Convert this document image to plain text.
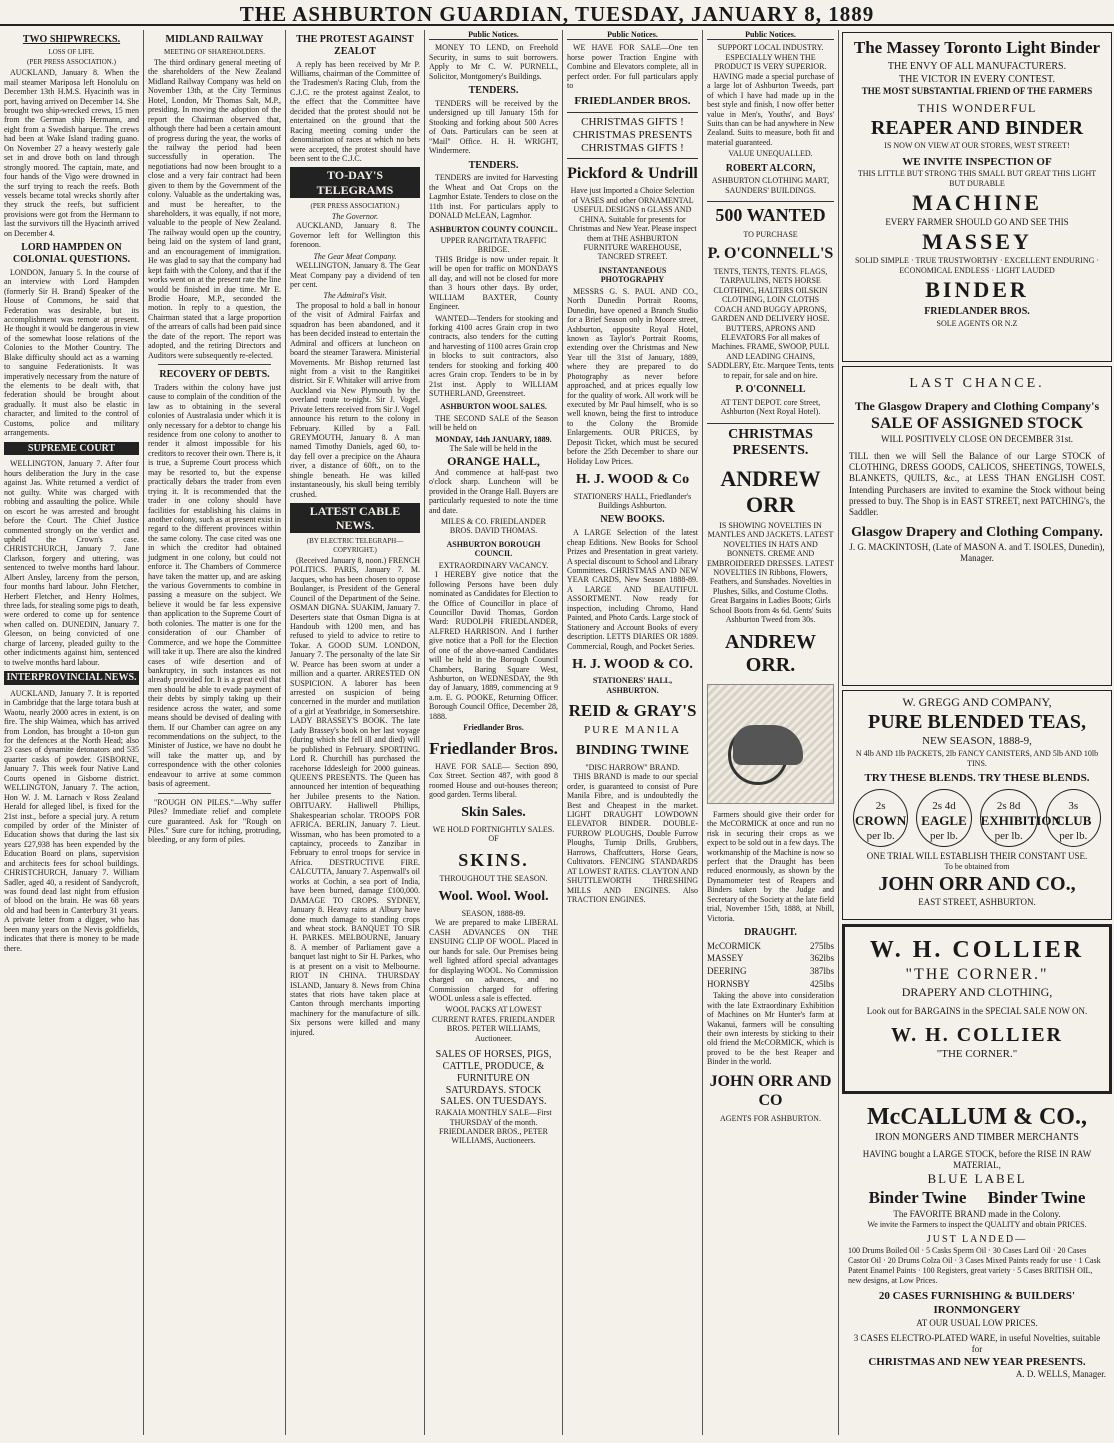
THE ASHBURTON GUARDIAN, TUESDAY, JANUARY 8, 1889
TWO SHIPWRECKS.
LOSS OF LIFE.
(PER PRESS ASSOCIATION.)

AUCKLAND, January 8. When the mail steamer Mariposa left Honolulu on December 13th H.M.S. Hyacinth was in port, having arrived on December 14. She brought two ship-wrecked crews, 15 men from the German ship Hermann, and eight from a Swedish barque. The crews had been at Wake Island trading guano. On November 27 a heavy westerly gale set in and drove both on land through strongly moored. The captain, mate, and four hands of the Vigo were drowned in the surf trying to reach the reefs. Both vessels became total wrecks shortly after they struck the reefs, but sufficient provisions were got from the Hermann to last the survivors till the Hyacinth arrived on December 4.

LORD HAMPDEN ON COLONIAL QUESTIONS.

LONDON, January 5. In the course of an interview with Lord Hampden (formerly Sir H. Brand) Speaker of the House of Commons, he said that Federation was desirable, but its accomplishment was remote at present. He thought it would be dangerous in view of the somewhat loose relations of the Colonies to the Mother Country. The Blake difficulty should act as a warning to sanguine Federationists. It was imperatively necessary from the nature of the elements to be dealt with, that federation should be brought about gradually. It must also be elastic in character, and limited to the control of Customs, police and military arrangements.

SUPREME COURT

WELLINGTON, January 7. After four hours deliberation the Jury in the case against Jas. White returned a verdict of not guilty. White was charged with robbing and assaulting the police. While on escort he was arrested and brought before the Court. The Chief Justice commented strongly on the verdict and upheld the Crown's case. CHRISTCHURCH, January 7. Jane Clarkson, forgery and uttering, was sentenced to twelve months hard labour. Albert Ansley, larceny from the person, four months hard labour. John Fletcher, Herbert Fletcher, and Henry Holmes, three lads, for stealing some pigs to death, were ordered to come up for sentence when called on. DUNEDIN, January 7. Gleeson, on being convicted of one charge of larceny, pleaded guilty to the other indictments against him, sentenced to twelve months hard labour.

INTERPROVINCIAL NEWS.

AUCKLAND, January 7. It is reported in Cambridge that the large totara bush at Waotu, nearly 2000 acres in extent, is on fire. The ship Waimea, which has arrived from London, has brought a 10-ton gun for the defences at the North Head; also 23 cases of dynamite detonators and 535 quarter casks of powder. GISBORNE, January 7. This week four Native Land Courts opened in Gisborne district. WELLINGTON, January 7. The action, Hon W. J. M. Larnach v Ross Zealand Herald for alleged libel, is fixed for the 21st inst., before a special jury. A return compiled by order of the Minister of Education shows that during the last six years £27,938 has been expended by the Education Board on plans, supervision and architects fees for school buildings. CHRISTCHURCH, January 7. William Sadler, aged 40, a resident of Sandycroft, was found dead last night from effusion of blood on the brain. He was 68 years old and had been in Canterbury 31 years. A private letter from a digger, who has been many years on the Nevis goldfields, indicates that there is money to be made there.

MIDLAND RAILWAY
MEETING OF SHAREHOLDERS.

The third ordinary general meeting of the shareholders of the New Zealand Midland Railway Company was held on November 13th, at the City Terminus Hotel, London, Mr Thomas Salt, M.P., presiding. In moving the adoption of the report the Chairman observed that, although there had been a certain amount of progress during the year, the works of the railway the period had been successfully in operation. The negotiations had now been brought to a close and a very fair contract had been given to them by the Government of the colony. Valuable as the undertaking was, and must be hereafter, to the shareholders, it was equally, if not more, valuable to the people of New Zealand. The railway would open up the country, being laid on the system of land grant, and an encouragement of immigration. He was glad to say that the company had kept faith with the Colony, and that if the works went on at the present rate the line would be finished in due time. Mr E. Brodie Hoare, M.P., seconded the motion. In reply to a question, the Chairman stated that a large proportion of the arrears of calls had been paid since the date of the report. The report was adopted, and the retiring Directors and Auditors were subsequently re-elected.

RECOVERY OF DEBTS.

Traders within the colony have just cause to complain of the condition of the law as to obtaining in the several colonies of Australasia under which it is only necessary for a debtor to change his residence from one colony to another to render it almost impossible for his creditors to recover their own. There is, it is true, a Supreme Court process which may be resorted to, but the expense practically debars the trader from even trying it. It is recommended that the trader in one colony should have facilities for establishing his claims in another colony, such as at present exist in regard to the different provinces within the same colony. The case cited was one in which the creditor had obtained judgment in one colony, but could not enforce it. The Chambers of Commerce have taken the matter up, and are asking the various Governments to combine in passing a measure on the subject. We believe it would be far less expensive than application to the Supreme Court of both colonies. The matter is one for the consideration of our Chamber of Commerce, and we hope the Committee will take it up. There are also the kindred cases of wife desertion and of bankruptcy, in such instances as not already provided for. It is a great evil that men should be able to evade payment of their debts by simply taking up their residence across the water, and some means should be devised of dealing with them. If our Chamber can agree on any recommendations on the subject, to the Minister of Justice, we have no doubt he will take the matter up, and by correspondence with the other colonies endeavour to arrive at some common basis of agreement.

"ROUGH ON PILES."—Why suffer Piles? Immediate relief and complete cure guaranteed. Ask for "Rough on Piles." Sure cure for itching, protruding, bleeding, or any form of piles.

THE PROTEST AGAINST ZEALOT

A reply has been received by Mr P. Williams, chairman of the Committee of the Tradesmen's Racing Club, from the C.J.C. re the protest against Zealot, to the effect that the Committee have decided that the protest should not be entertained on the ground that the Racing meeting coming under the denomination of races at which no bets were accepted, the protest should have been sent to the C.J.C.

TO-DAY'S TELEGRAMS
(PER PRESS ASSOCIATION.)
The Governor.

AUCKLAND, January 8. The Governor left for Wellington this forenoon.

The Gear Meat Company.

WELLINGTON, January 8. The Gear Meat Company pay a dividend of ten per cent.

The Admiral's Visit.

The proposal to hold a ball in honour of the visit of Admiral Fairfax and squadron has been abandoned, and it has been decided instead to entertain the Admiral and officers at luncheon on board the steamer Tarawera. Ministerial Movements. Mr Bishop returned last night from a visit to the Rangitikei district. Sir F. Whitaker will arrive from Auckland via New Plymouth by the overland route to-night. Sir J. Vogel. Private letters received from Sir J. Vogel announce his return to the colony in February. Killed by a Fall. GREYMOUTH, January 8. A man named Timothy Daniels, aged 60, to-day fell over a precipice on the Ahaura river, a distance of 60ft., on to the shingle beneath. He was killed instantaneously, his skull being terribly crushed.

LATEST CABLE NEWS.
(BY ELECTRIC TELEGRAPH—COPYRIGHT.)

(Received January 8, noon.) FRENCH POLITICS. PARIS, January 7. M. Jacques, who has been chosen to oppose Boulanger, is President of the General Council of the Department of the Seine. OSMAN DIGNA. SUAKIM, January 7. Deserters state that Osman Digna is at Handoub with 1200 men, and has refused to yield to advice to retire to Tokar. A GOOD SUM. LONDON, January 7. The personalty of the late Sir W. Pearce has been sworn at under a million and a quarter. ARRESTED ON SUSPICION. A laborer has been arrested on suspicion of being concerned in the murder and mutilation of a girl at Yeatbridge, in Somersetshire. LADY BRASSEY'S BOOK. The late Lady Brassey's book on her last voyage (during which she fell ill and died) will be published in February. SPORTING. Lord R. Churchill has purchased the racehorse Iddesleigh for 2000 guineas. QUEEN'S PRESENTS. The Queen has announced her intention of bequeathing her Jubilee presents to the Nation. OBITUARY. Halliwell Phillips, Shakespearian scholar. TROOPS FOR AFRICA. BERLIN, January 7. Lieut. Wissman, who has been promoted to a captaincy, proceeds to Zanzibar in February to enrol troops for service in Africa. DESTRUCTIVE FIRE. CALCUTTA, January 7. Aspenwall's oil works at Cochin, a sea port of India, have been burned, damage £100,000. DAMAGE TO CROPS. SYDNEY, January 8. Heavy rains at Albury have done much damage to standing crops and wheat stock. BANQUET TO SIR H. PARKES. MELBOURNE, January 8. A member of Parliament gave a banquet last night to Sir H. Parkes, who is at present on a visit to Melbourne. RIOT IN CHINA. THURSDAY ISLAND, January 8. News from China states that riots have taken place at Canton through merchants importing machinery for the manufacture of silk. Six persons were killed and many injured.

Public Notices.

MONEY TO LEND, on Freehold Security, in sums to suit borrowers. Apply to Mr C. W. PURNELL, Solicitor, Montgomery's Buildings.

TENDERS.

TENDERS will be received by the undersigned up till January 15th for Stooking and forking about 500 Acres of Oats. Particulars can be seen at "Mail" Office. H. H. WRIGHT, Windermere.

TENDERS.

TENDERS are invited for Harvesting the Wheat and Oat Crops on the Lagmhor Estate. Tenders to close on the 11th inst. For particulars apply to DONALD McLEAN, Lagmhor.

ASHBURTON COUNTY COUNCIL.
UPPER RANGITATA TRAFFIC BRIDGE.

THIS Bridge is now under repair. It will be open for traffic on MONDAYS all day, and will not be closed for more than 3 hours other days. By order, WILLIAM BAXTER, County Engineer.

WANTED—Tenders for stooking and forking 4100 acres Grain crop in two contracts, also tenders for the cutting and harvesting of 1100 acres Grain crop in blocks to suit contractors, also tenders for stooking and forking 400 acres Grain crop. Tenders to be in by 21st inst. Apply to WILLIAM SUTHERLAND, Greenstreet.

ASHBURTON WOOL SALES.

THE SECOND SALE of the Season will be held on

MONDAY, 14th JANUARY, 1889.
The Sale will be held in the
ORANGE HALL,

And commence at half-past two o'clock sharp. Luncheon will be provided in the Orange Hall. Buyers are particularly requested to note the time and date.

MILES & CO. FRIEDLANDER BROS. DAVID THOMAS.
ASHBURTON BOROUGH COUNCIL
EXTRAORDINARY VACANCY.

I HEREBY give notice that the following Persons have been duly nominated as Candidates for Election to the Office of Councillor in place of Councillor David Thomas, Gordon Ward: RUDOLPH FRIEDLANDER, ALFRED HARRISON. And I further give notice that a Poll for the Election of one of the above-named Candidates will be held in the Borough Council Chambers, Baring Square West, Ashburton, on WEDNESDAY, the 9th day of January, 1889, commencing at 9 a.m. E. G. POOKE, Returning Officer. Borough Council Office, December 28, 1888.

Friedlander Bros.
Friedlander Bros.

HAVE FOR SALE— Section 890, Cox Street. Section 487, with good 8 roomed House and out-houses thereon; good garden. Terms liberal.

Skin Sales.
WE HOLD FORTNIGHTLY SALES. OF
SKINS.
THROUGHOUT THE SEASON.
Wool. Wool. Wool.
SEASON, 1888-89.

We are prepared to make LIBERAL CASH ADVANCES ON THE ENSUING CLIP OF WOOL. Placed in our hands for sale. Our Premises being well lighted afford special advantages for displaying WOOL. No Commission charged on advances, and no Commission charged for offering WOOL unless a sale is effected.

WOOL PACKS AT LOWEST CURRENT RATES. FRIEDLANDER BROS. PETER WILLIAMS, Auctioneer.
SALES OF HORSES, PIGS, CATTLE, PRODUCE, & FURNITURE ON SATURDAYS. STOCK SALES. ON TUESDAYS.
RAKAIA MONTHLY SALE—First THURSDAY of the month.
FRIEDLANDER BROS., PETER WILLIAMS, Auctioneers.
Public Notices.

WE HAVE FOR SALE—One ten horse power Traction Engine with Combine and Elevators complete, all in perfect order. For full particulars apply to

FRIEDLANDER BROS.
CHRISTMAS GIFTS ! CHRISTMAS PRESENTS CHRISTMAS GIFTS !
Pickford & Undrill
Have just Imported a Choice Selection of VASES and other ORNAMENTAL USEFUL DESIGNS n GLASS AND CHINA. Suitable for presents for Christmas and New Year. Please inspect them at THE ASHBURTON FURNITURE WAREHOUSE, TANCRED STREET.
INSTANTANEOUS PHOTOGRAPHY

MESSRS G. S. PAUL AND CO., North Dunedin Portrait Rooms, Dunedin, have opened a Branch Studio for a Brief Season only in Moore street, Ashburton, opposite Royal Hotel, known as Taylor's Portrait Rooms, extending over the Christmas and New Year till the 31st of January, 1889, where they are prepared to do Photography as never before approached, and at prices equally low for the quality of work. All work will be executed by Mr Paul himself, who is so well known, being the first to introduce to the Colony the Bromide Enlargements. OUR PRICES, by Deposit Ticket, which must be secured before the 25th December to share our Holiday Low Prices.

H. J. WOOD & Co
STATIONERS' HALL, Friedlander's Buildings Ashburton.
NEW BOOKS.

A LARGE Selection of the latest cheap Editions. New Books for School Prizes and Presentation in great variety. A special discount to School and Library Committees. CHRISTMAS AND NEW YEAR CARDS, New Season 1888-89. A LARGE AND BEAUTIFUL ASSORTMENT. Now ready for inspection, including Chromo, Hand Painted, and Photo Cards. Large stock of Stationery and Account Books of every description. LETTS DIARIES OR 1889. Commercial, Rough, and Pocket Series.

H. J. WOOD & CO.
STATIONERS' HALL, ASHBURTON.
REID & GRAY'S
PURE MANILA
BINDING TWINE
"DISC HARROW" BRAND.

THIS BRAND is made to our special order, is guaranteed to consist of Pure Manila Fibre, and is undoubtedly the Best and Cheapest in the market. LIGHT DRAUGHT LOWDOWN ELEVATOR BINDER. DOUBLE-FURROW PLOUGHS, Double Furrow Ploughs, Turnip Drills, Grubbers, Harrows, Chaffcutters, Horse Gears, Cultivators. FENCING STANDARDS AT LOWEST RATES. CLAYTON AND SHUTTLEWORTH THRESHING MILLS AND ENGINES. Also TRACTION ENGINES.

Public Notices.
SUPPORT LOCAL INDUSTRY.
ESPECIALLY WHEN THE PRODUCT IS VERY SUPERIOR.

HAVING made a special purchase of a large lot of Ashburton Tweeds, part of which I have had made up in the best style and finish, I now offer better value in Men's, Youths', and Boys' Suits than can be had anywhere in New Zealand. Suits to measure, both fit and material guaranteed.

VALUE UNEQUALLED.
ROBERT ALCORN,
ASHBURTON CLOTHING MART, SAUNDERS' BUILDINGS.
500 WANTED
TO PURCHASE
P. O'CONNELL'S
TENTS, TENTS, TENTS. FLAGS, TARPAULINS, NETS HORSE CLOTHING, HALTERS OILSKIN CLOTHING, LOIN CLOTHS COACH AND BUGGY APRONS, GARDEN AND DELIVERY HOSE. BUTTERS, APRONS AND ELEVATORS For all makes of Machines. FRAME, SWOOP, PULL AND LEADING CHAINS, SADDLERY, Etc. Marquee Tents, tents to repair, for sale and on hire.
P. O'CONNELL
AT TENT DEPOT. core Street, Ashburton (Next Royal Hotel).
CHRISTMAS PRESENTS.
ANDREW ORR
IS SHOWING NOVELTIES IN MANTLES AND JACKETS. LATEST NOVELTIES IN HATS AND BONNETS. CREME AND EMBROIDERED DRESSES. LATEST NOVELTIES IN Ribbons, Flowers, Feathers, and Sunshades. Novelties in Plushes, Silks, and Costume Cloths. Great Bargains in Ladies Boots; Girls School Boots from 4s 6d. Gents' Suits Ashburton Tweed from 30s.
ANDREW ORR.

Farmers should give their order for the McCORMICK at once and run no risk in securing their crops as we expect to be sold out in a few days. The workmanship of the Machine is now so perfect that the Draught has been reduced enormously, as shown by the Dynamometer test of Reapers and Binders taken by the Judge and Secretary of the Society at the late field trial, November 15th, 1888, at Nbill, Victoria.

DRAUGHT.
McCORMICK	275lbs
MASSEY	362lbs
DEERING	387lbs
HORNSBY	425lbs

Taking the above into consideration with the late Extraordinary Exhibition of Machines on Mr Hunter's farm at Wakanui, farmers will be consulting their own interests by sticking to their old friend the McCORMICK, which is proved to be the best Reaper and Binder in the world.

JOHN ORR AND CO
AGENTS FOR ASHBURTON.
The Massey Toronto Light Binder
THE ENVY OF ALL MANUFACTURERS.
THE VICTOR IN EVERY CONTEST.
THE MOST SUBSTANTIAL FRIEND OF THE FARMERS
THIS WONDERFUL
REAPER AND BINDER
IS NOW ON VIEW AT OUR STORES, WEST STREET!
WE INVITE INSPECTION OF
THIS LITTLE BUT STRONG THIS SMALL BUT GREAT THIS LIGHT BUT DURABLE
MACHINE
EVERY FARMER SHOULD GO AND SEE THIS
MASSEY
SOLID SIMPLE · TRUE TRUSTWORTHY · EXCELLENT ENDURING · ECONOMICAL ENDLESS · LIGHT LAUDED
BINDER
FRIEDLANDER BROS.
SOLE AGENTS OR N.Z
LAST CHANCE.
The Glasgow Drapery and Clothing Company's
SALE OF ASSIGNED STOCK
WILL POSITIVELY CLOSE ON DECEMBER 31st.
TILL then we will Sell the Balance of our Large STOCK of CLOTHING, DRESS GOODS, CALICOS, SHEETINGS, TOWELS, BLANKETS, QUILTS, &c., at LESS THAN ENGLISH COST. Intending Purchasers are invited to examine the Stock without being pressed to buy. The Shop is in EAST STREET, next PATCHING's, the Saddler.
Glasgow Drapery and Clothing Company.
J. G. MACKINTOSH, (Late of MASON A. and T. ISOLES, Dunedin), Manager.
W. GREGG AND COMPANY,
PURE BLENDED TEAS,
NEW SEASON, 1888-9,
N 4lb AND 1lb PACKETS, 2lb FANCY CANISTERS, AND 5lb AND 10lb TINS.
TRY THESE BLENDS. TRY THESE BLENDS.
2s
CROWN
per lb.
2s 4d
EAGLE
per lb.
2s 8d
EXHIBITION
per lb.
3s
CLUB
per lb.
ONE TRIAL WILL ESTABLISH THEIR CONSTANT USE.
To be obtained from
JOHN ORR AND CO.,
EAST STREET, ASHBURTON.
W. H. COLLIER
"THE CORNER."
DRAPERY AND CLOTHING,
Look out for BARGAINS in the SPECIAL SALE NOW ON.
W. H. COLLIER
"THE CORNER."
McCALLUM & CO.,
IRON MONGERS AND TIMBER MERCHANTS
HAVING bought a LARGE STOCK, before the RISE IN RAW MATERIAL,
BLUE LABEL
Binder Twine     Binder Twine
The FAVORITE BRAND made in the Colony.
We invite the Farmers to inspect the QUALITY and obtain PRICES.
JUST LANDED—
100 Drums Boiled Oil · 5 Casks Sperm Oil · 30 Cases Lard Oil · 20 Cases Castor Oil · 20 Drums Colza Oil · 3 Cases Mixed Paints ready for use · 1 Cask Patent Enamel Paints · 100 Registers, great variety · 5 Cases BRITISH OIL, new designs, at Low Prices.
20 CASES FURNISHING & BUILDERS' IRONMONGERY
AT OUR USUAL LOW PRICES.
3 CASES ELECTRO-PLATED WARE, in useful Novelties, suitable for
CHRISTMAS AND NEW YEAR PRESENTS.
A. D. WELLS, Manager.
